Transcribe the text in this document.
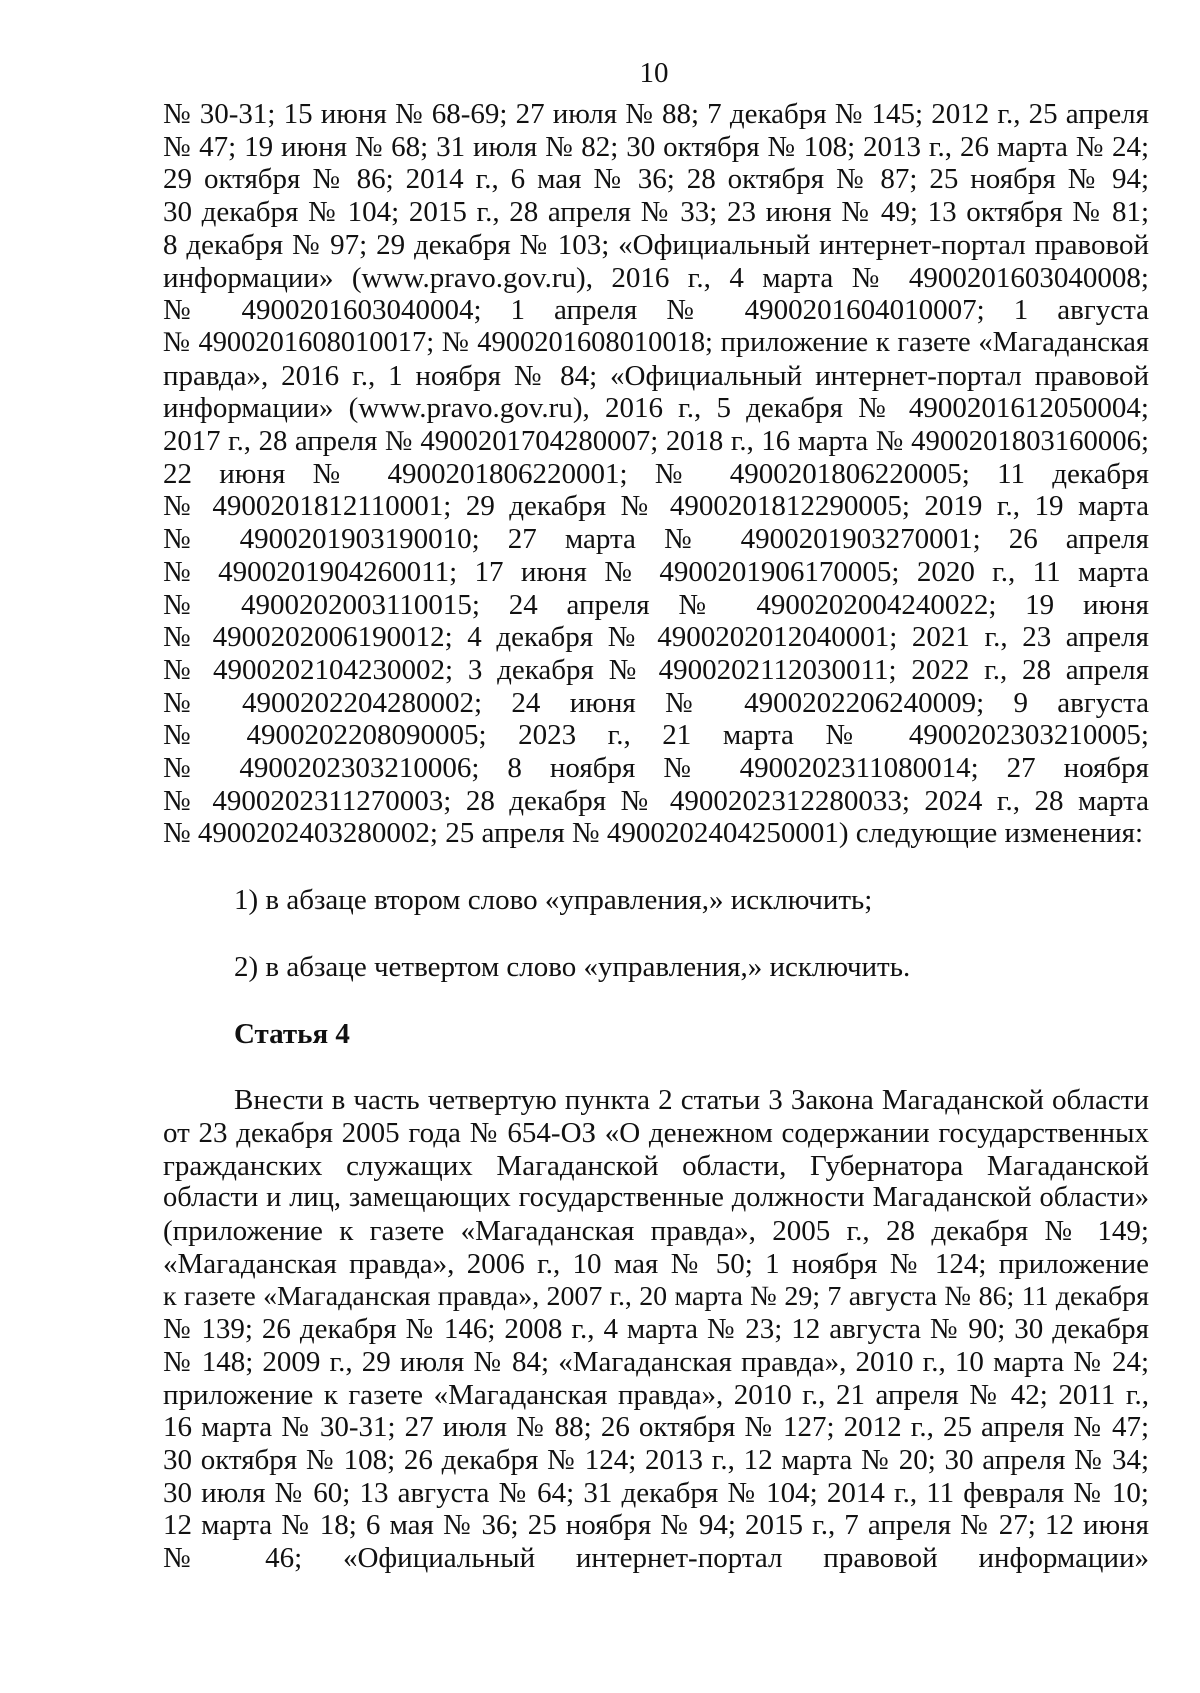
10

№ 30-31; 15 июня № 68-69; 27 июля № 88; 7 декабря № 145; 2012 г., 25 апреля
№ 47; 19 июня № 68; 31 июля № 82; 30 октября № 108; 2013 г., 26 марта № 24;
29 октября № 86; 2014 г., 6 мая № 36; 28 октября № 87; 25 ноября № 94;
30 декабря № 104; 2015 г., 28 апреля № 33; 23 июня № 49; 13 октября № 81;
8 декабря № 97; 29 декабря № 103; «Официальный интернет-портал правовой
информации» (www.pravo.gov.ru), 2016 г., 4 марта № 4900201603040008;
№ 4900201603040004; 1 апреля № 4900201604010007; 1 августа
№ 4900201608010017; № 4900201608010018; приложение к газете «Магаданская
правда», 2016 г., 1 ноября № 84; «Официальный интернет-портал правовой
информации» (www.pravo.gov.ru), 2016 г., 5 декабря № 4900201612050004;
2017 г., 28 апреля № 4900201704280007; 2018 г., 16 марта № 4900201803160006;
22 июня № 4900201806220001; № 4900201806220005; 11 декабря
№ 4900201812110001; 29 декабря № 4900201812290005; 2019 г., 19 марта
№ 4900201903190010; 27 марта № 4900201903270001; 26 апреля
№ 4900201904260011; 17 июня № 4900201906170005; 2020 г., 11 марта
№ 4900202003110015; 24 апреля № 4900202004240022; 19 июня
№ 4900202006190012; 4 декабря № 4900202012040001; 2021 г., 23 апреля
№ 4900202104230002; 3 декабря № 4900202112030011; 2022 г., 28 апреля
№ 4900202204280002; 24 июня № 4900202206240009; 9 августа
№ 4900202208090005; 2023 г., 21 марта № 4900202303210005;
№ 4900202303210006; 8 ноября № 4900202311080014; 27 ноября
№ 4900202311270003; 28 декабря № 4900202312280033; 2024 г., 28 марта
№ 4900202403280002; 25 апреля № 4900202404250001) следующие изменения:

1) в абзаце втором слово «управления,» исключить;

2) в абзаце четвертом слово «управления,» исключить.

Статья 4

Внести в часть четвертую пункта 2 статьи 3 Закона Магаданской области
от 23 декабря 2005 года № 654-ОЗ «О денежном содержании государственных
гражданских служащих Магаданской области, Губернатора Магаданской
области и лиц, замещающих государственные должности Магаданской области»
(приложение к газете «Магаданская правда», 2005 г., 28 декабря № 149;
«Магаданская правда», 2006 г., 10 мая № 50; 1 ноября № 124; приложение
к газете «Магаданская правда», 2007 г., 20 марта № 29; 7 августа № 86; 11 декабря
№ 139; 26 декабря № 146; 2008 г., 4 марта № 23; 12 августа № 90; 30 декабря
№ 148; 2009 г., 29 июля № 84; «Магаданская правда», 2010 г., 10 марта № 24;
приложение к газете «Магаданская правда», 2010 г., 21 апреля № 42; 2011 г.,
16 марта № 30-31; 27 июля № 88; 26 октября № 127; 2012 г., 25 апреля № 47;
30 октября № 108; 26 декабря № 124; 2013 г., 12 марта № 20; 30 апреля № 34;
30 июля № 60; 13 августа № 64; 31 декабря № 104; 2014 г., 11 февраля № 10;
12 марта № 18; 6 мая № 36; 25 ноября № 94; 2015 г., 7 апреля № 27; 12 июня
№ 46; «Официальный интернет-портал правовой информации»
